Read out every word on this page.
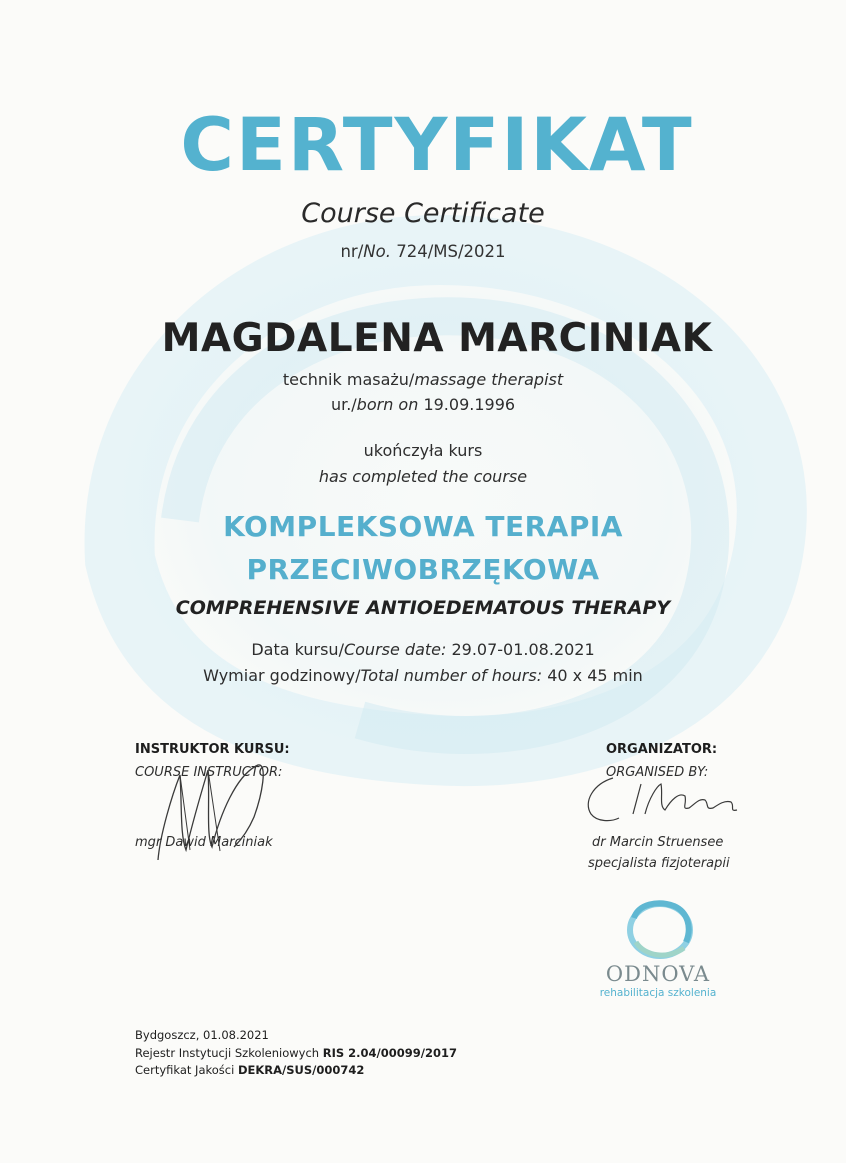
CERTYFIKAT
Course Certificate
nr/No. 724/MS/2021
MAGDALENA MARCINIAK
technik masażu/massage therapist
ur./born on 19.09.1996
ukończyła kurs
has completed the course
KOMPLEKSOWA TERAPIA
PRZECIWOBRZĘKOWA
COMPREHENSIVE ANTIOEDEMATOUS THERAPY
Data kursu/Course date: 29.07-01.08.2021
Wymiar godzinowy/Total number of hours: 40 x 45 min
INSTRUKTOR KURSU:
COURSE INSTRUCTOR:
mgr Dawid Marciniak
ORGANIZATOR:
ORGANISED BY:
dr Marcin Struensee
specjalista fizjoterapii
ODNOVA
rehabilitacja szkolenia
Bydgoszcz, 01.08.2021
Rejestr Instytucji Szkoleniowych RIS 2.04/00099/2017
Certyfikat Jakości DEKRA/SUS/000742
